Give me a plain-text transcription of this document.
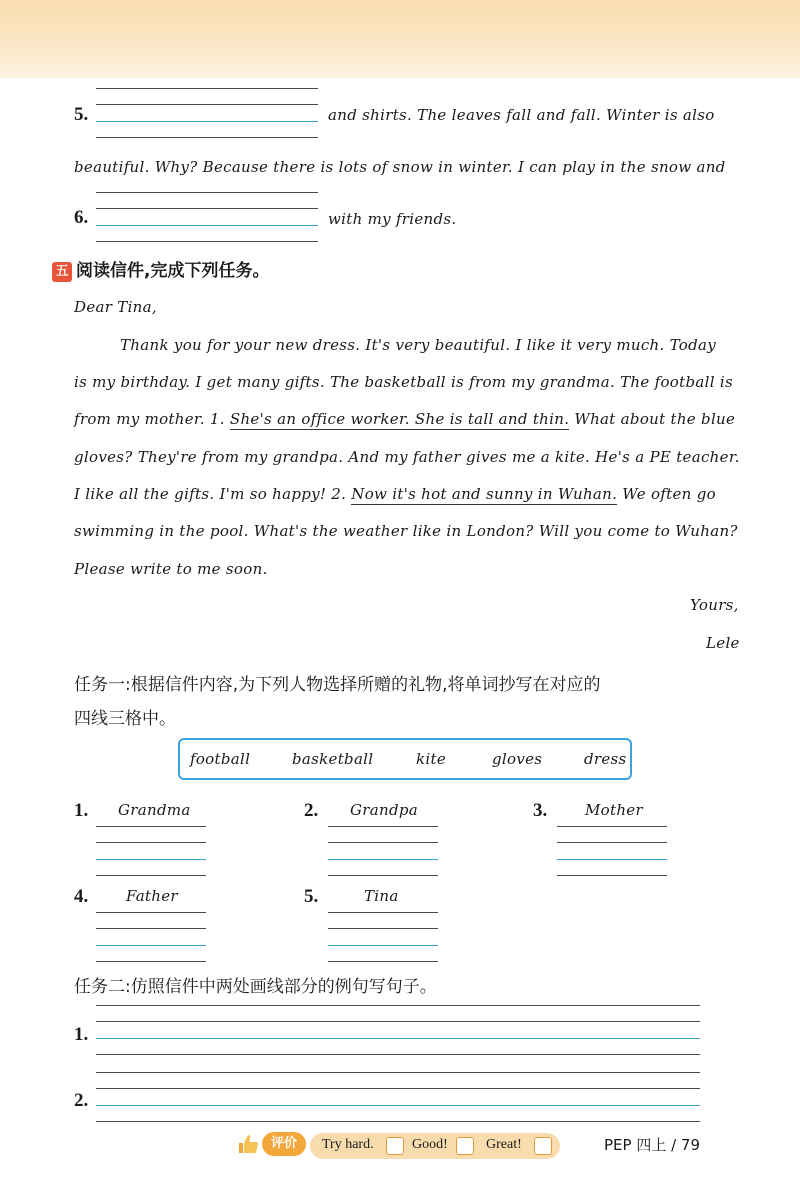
5.	and shirts. The leaves fall and fall. Winter is also
beautiful. Why? Because there is lots of snow in winter. I can play in the snow and
6.	with my friends.
五 阅读信件,完成下列任务。
Dear Tina,
Thank you for your new dress. It's very beautiful. I like it very much. Today
is my birthday. I get many gifts. The basketball is from my grandma. The football is
from my mother. 1. She's an office worker. She is tall and thin. What about the blue
gloves? They're from my grandpa. And my father gives me a kite. He's a PE teacher.
I like all the gifts. I'm so happy! 2. Now it's hot and sunny in Wuhan. We often go
swimming in the pool. What's the weather like in London? Will you come to Wuhan?
Please write to me soon.
Yours,
Lele
任务一:根据信件内容,为下列人物选择所赠的礼物,将单词抄写在对应的
四线三格中。
football	basketball	kite	gloves	dress
1. Grandma	2. Grandpa	3.	Mother
4.	Father	5.	Tina
任务二:仿照信件中两处画线部分的例句写句子。
1.
2.
评价	Try hard.	Good!	Great!	PEP 四上 / 79
